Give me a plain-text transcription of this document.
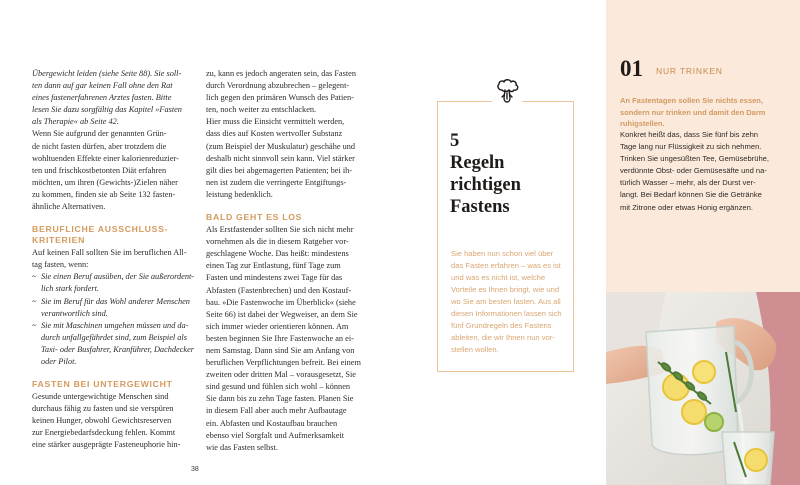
Übergewicht leiden (siehe Seite 88). Sie soll-

ten dann auf gar keinen Fall ohne den Rat

eines fastenerfahrenen Arztes fasten. Bitte

lesen Sie dazu sorgfältig das Kapitel »Fasten

als Therapie« ab Seite 42.

Wenn Sie aufgrund der genannten Grün-

de nicht fasten dürfen, aber trotzdem die

wohltuenden Effekte einer kalorienreduzier-

ten und frischkostbetonten Diät erfahren

möchten, um ihren (Gewichts-)Zielen näher

zu kommen, finden sie ab Seite 132 fasten-

ähnliche Alternativen.

BERUFLICHE AUSSCHLUSS-
KRITERIEN

Auf keinen Fall sollten Sie im beruflichen All-

tag fasten, wenn:

~ Sie einen Beruf ausüben, der Sie außerordent-
lich stark fordert.
~ Sie im Beruf für das Wohl anderer Menschen
verantwortlich sind.
~ Sie mit Maschinen umgehen müssen und da-
durch unfallgefährdet sind, zum Beispiel als
Taxi- oder Busfahrer, Kranführer, Dachdecker
oder Pilot.
FASTEN BEI UNTERGEWICHT

Gesunde untergewichtige Menschen sind

durchaus fähig zu fasten und sie verspüren

keinen Hunger, obwohl Gewichtsreserven

zur Energiebedarfsdeckung fehlen. Kommt

eine stärker ausgeprägte Fasteneuphorie hin-

zu, kann es jedoch angeraten sein, das Fasten

durch Verordnung abzubrechen – gelegent-

lich gegen den primären Wunsch des Patien-

ten, noch weiter zu entschlacken.

Hier muss die Einsicht vermittelt werden,

dass dies auf Kosten wertvoller Substanz

(zum Beispiel der Muskulatur) geschähe und

deshalb nicht sinnvoll sein kann. Viel stärker

gilt dies bei abgemagerten Patienten; bei ih-

nen ist zudem die verringerte Entgiftungs-

leistung bedenklich.

BALD GEHT ES LOS

Als Erstfastender sollten Sie sich nicht mehr

vornehmen als die in diesem Ratgeber vor-

geschlagene Woche. Das heißt: mindestens

einen Tag zur Entlastung, fünf Tage zum

Fasten und mindestens zwei Tage für das

Abfasten (Fastenbrechen) und den Kostauf-

bau. »Die Fastenwoche im Überblick« (siehe

Seite 66) ist dabei der Wegweiser, an dem Sie

sich immer wieder orientieren können. Am

besten beginnen Sie Ihre Fastenwoche an ei-

nem Samstag. Dann sind Sie am Anfang von

beruflichen Verpflichtungen befreit. Bei einem

zweiten oder dritten Mal – vorausgesetzt, Sie

sind gesund und fühlen sich wohl – können

Sie dann bis zu zehn Tage fasten. Planen Sie

in diesem Fall aber auch mehr Aufbautage

ein. Abfasten und Kostaufbau brauchen

ebenso viel Sorgfalt und Aufmerksamkeit

wie das Fasten selbst.

38
5
Regeln
richtigen
Fastens
Sie haben nun schon viel über
das Fasten erfahren – was es ist
und was es nicht ist, welche
Vorteile es Ihnen bringt, wie und
wo Sie am besten fasten. Aus all
diesen Informationen lassen sich
fünf Grundregeln des Fastens
ableiten, die wir Ihnen nun vor-
stellen wollen.
01 NUR TRINKEN
An Fastentagen sollen Sie nichts essen,
sondern nur trinken und damit den Darm
ruhigstellen.
Konkret heißt das, dass Sie fünf bis zehn
Tage lang nur Flüssigkeit zu sich nehmen.
Trinken Sie ungesüßten Tee, Gemüsebrühe,
verdünnte Obst- oder Gemüsesäfte und na-
türlich Wasser – mehr, als der Durst ver-
langt. Bei Bedarf können Sie die Getränke
mit Zitrone oder etwas Honig ergänzen.
